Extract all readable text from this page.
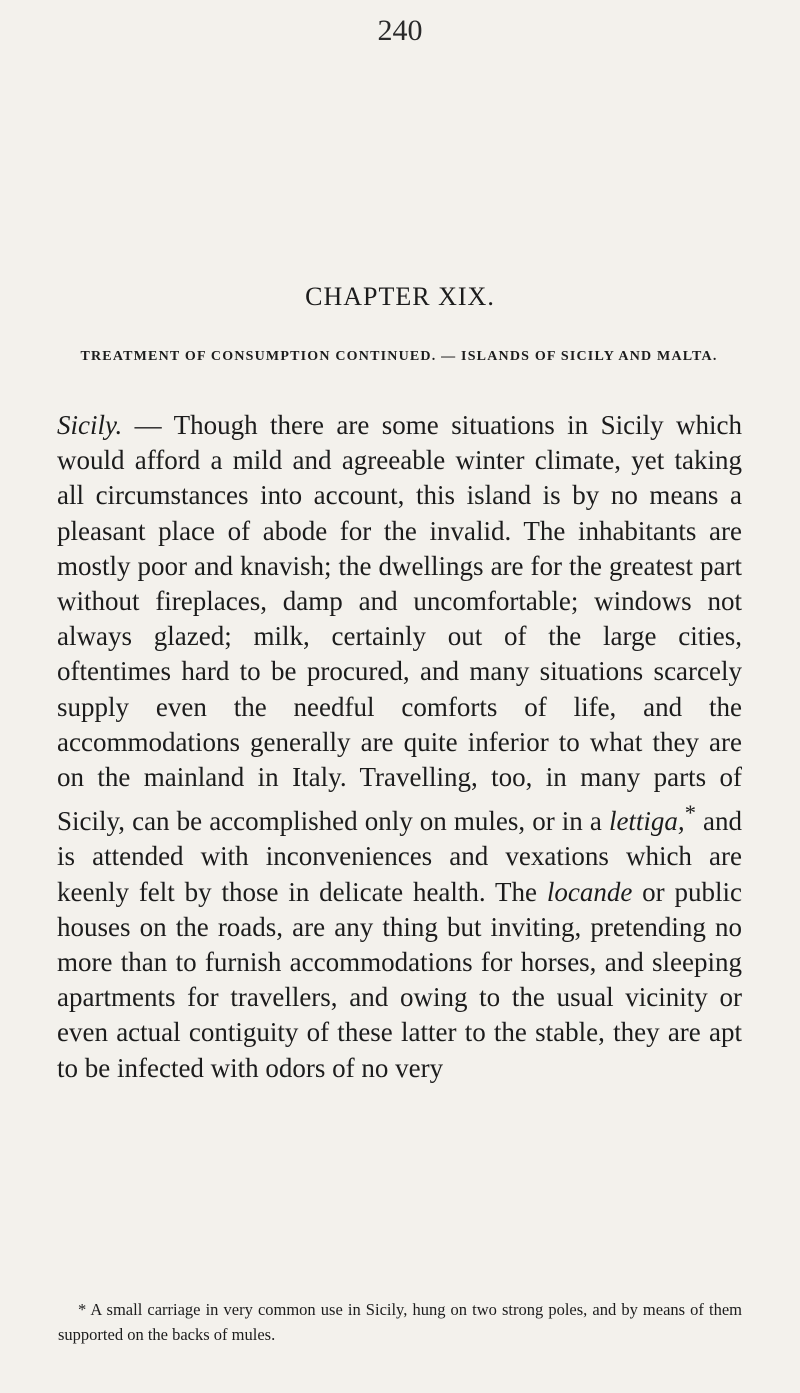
240
CHAPTER XIX.
TREATMENT OF CONSUMPTION CONTINUED. — ISLANDS OF SICILY AND MALTA.

Sicily. — Though there are some situations in Sicily which would afford a mild and agreeable winter climate, yet taking all circumstances into account, this island is by no means a pleasant place of abode for the invalid. The inhabitants are mostly poor and knavish; the dwellings are for the greatest part without fireplaces, damp and uncomfortable; windows not always glazed; milk, certainly out of the large cities, oftentimes hard to be procured, and many situations scarcely supply even the needful comforts of life, and the accommodations generally are quite inferior to what they are on the mainland in Italy. Travelling, too, in many parts of Sicily, can be accomplished only on mules, or in a lettiga,* and is attended with inconveniences and vexations which are keenly felt by those in delicate health. The locande or public houses on the roads, are any thing but inviting, pretending no more than to furnish accommodations for horses, and sleeping apartments for travellers, and owing to the usual vicinity or even actual contiguity of these latter to the stable, they are apt to be infected with odors of no very

* A small carriage in very common use in Sicily, hung on two strong poles, and by means of them supported on the backs of mules.
